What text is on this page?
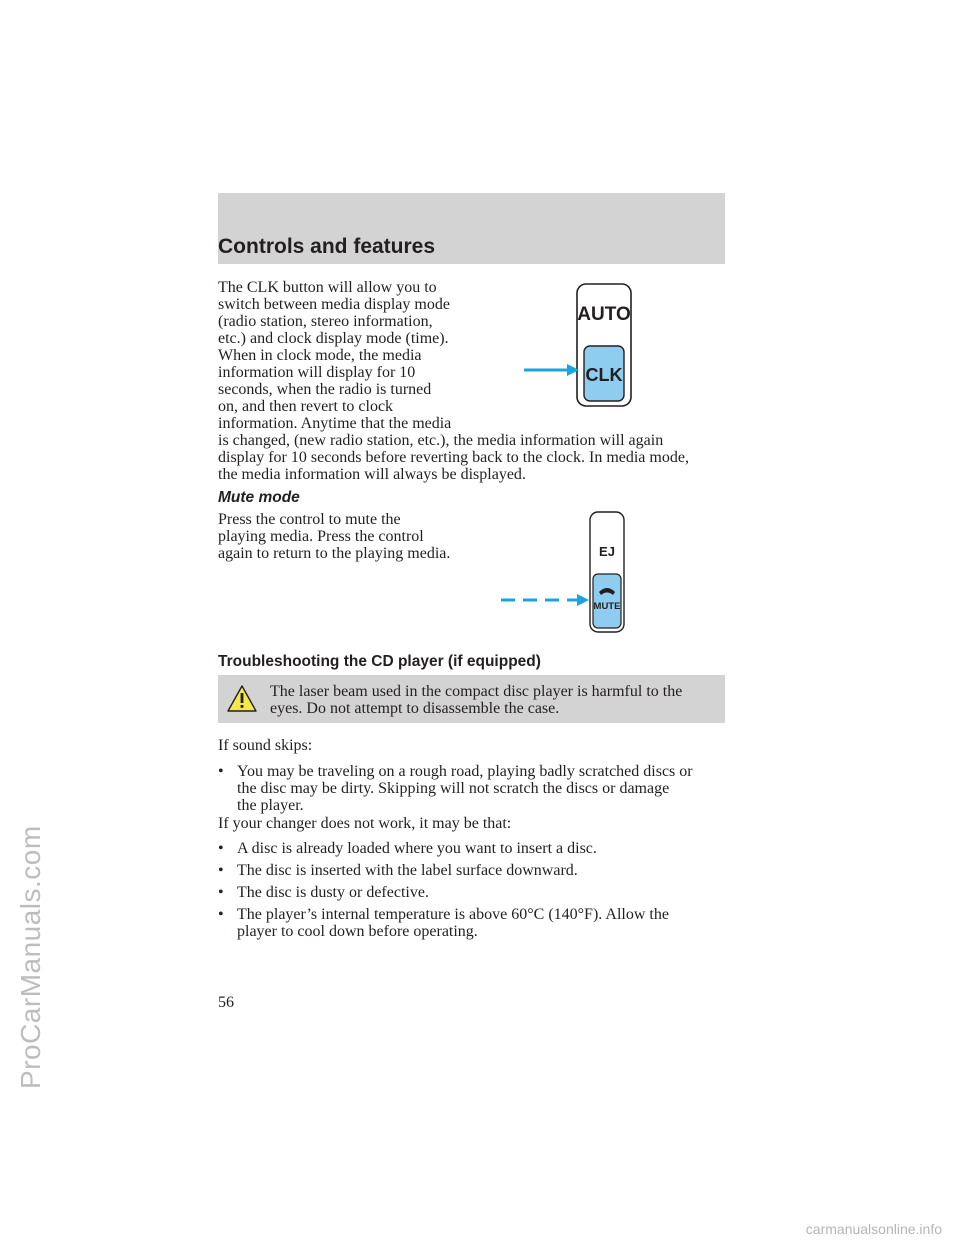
Controls and features
The CLK button will allow you to
switch between media display mode
(radio station, stereo information,
etc.) and clock display mode (time).
When in clock mode, the media
information will display for 10
seconds, when the radio is turned
on, and then revert to clock
information. Anytime that the media
is changed, (new radio station, etc.), the media information will again
display for 10 seconds before reverting back to the clock. In media mode,
the media information will always be displayed.
AUTO
CLK
Mute mode
Press the control to mute the
playing media. Press the control
again to return to the playing media.	EJ
MUTE
Troubleshooting the CD player (if equipped)
The laser beam used in the compact disc player is harmful to the
eyes. Do not attempt to disassemble the case.
If sound skips:
• You may be traveling on a rough road, playing badly scratched discs or
the disc may be dirty. Skipping will not scratch the discs or damage
the player.
If your changer does not work, it may be that:
• A disc is already loaded where you want to insert a disc.
• The disc is inserted with the label surface downward.
• The disc is dusty or defective.
• The player’s internal temperature is above 60°C (140°F). Allow the
player to cool down before operating.
56
ProCarManuals.com
carmanualsonline.info
